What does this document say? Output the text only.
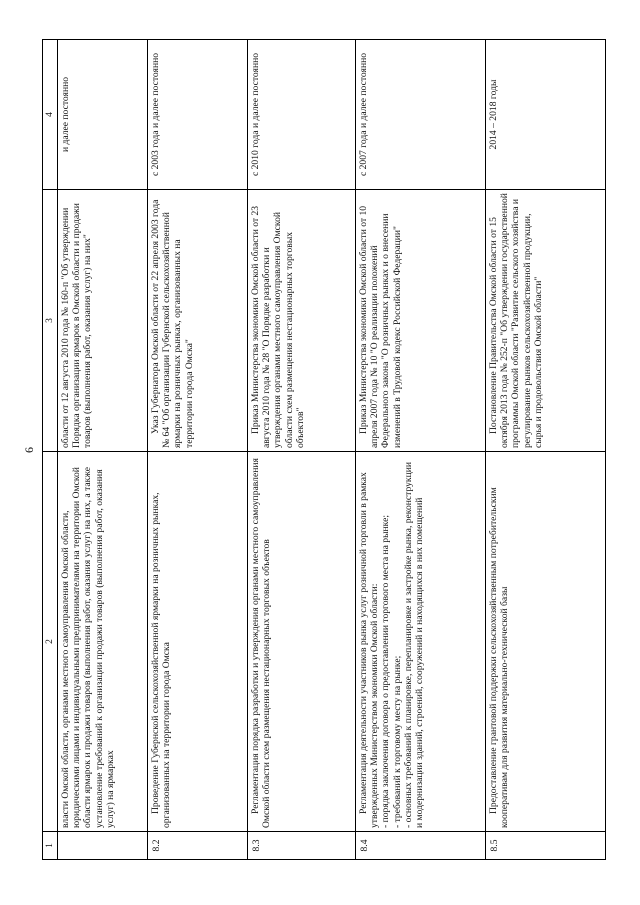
6
1	2	3	4

	власти Омской области, органами местного самоуправления Омской области, юридическими лицами и индивидуальными предпринимателями на территории Омской области ярмарок и продажи товаров (выполнения работ, оказания услуг) на них, а также установление требований к организации продажи товаров (выполнения работ, оказания услуг) на ярмарках	области от 12 августа 2010 года № 160-п "Об утверждении Порядка организации ярмарок в Омской области и продажи товаров (выполнения работ, оказания услуг) на них"	и далее постоянно
8.2	Проведение Губернской сельскохозяйственной ярмарки на розничных рынках, организованных на территории города Омска	Указ Губернатора Омской области от 22 апреля 2003 года № 64 "Об организации Губернской сельскохозяйственной ярмарки на розничных рынках, организованных на территории города Омска"	с 2003 года и далее постоянно
8.3	Регламентация порядка разработки и утверждения органами местного самоуправления Омской области схем размещения нестационарных торговых объектов	Приказ Министерства экономики Омской области от 23 августа 2010 года № 28 "О Порядке разработки и утверждения органами местного самоуправления Омской области схем размещения нестационарных торговых объектов"	с 2010 года и далее постоянно
8.4	Регламентация деятельности участников рынка услуг розничной торговли в рамках утвержденных Министерством экономики Омской области: - порядка заключения договора о предоставлении торгового места на рынке; - требований к торговому месту на рынке; - основных требований к планировке, перепланировке и застройке рынка, реконструкции и модернизации зданий, строений, сооружений и находящихся в них помещений	Приказ Министерства экономики Омской области от 10 апреля 2007 года № 10 "О реализации положений Федерального закона "О розничных рынках и о внесении изменений в Трудовой кодекс Российской Федерации"	с 2007 года и далее постоянно
8.5	Предоставление грантовой поддержки сельскохозяйственным потребительским кооперативам для развития материально-технической базы	Постановление Правительства Омской области от 15 октября 2013 года № 252-п "Об утверждении государственной программы Омской области "Развитие сельского хозяйства и регулирование рынков сельскохозяйственной продукции, сырья и продовольствия Омской области"	2014 – 2018 годы
